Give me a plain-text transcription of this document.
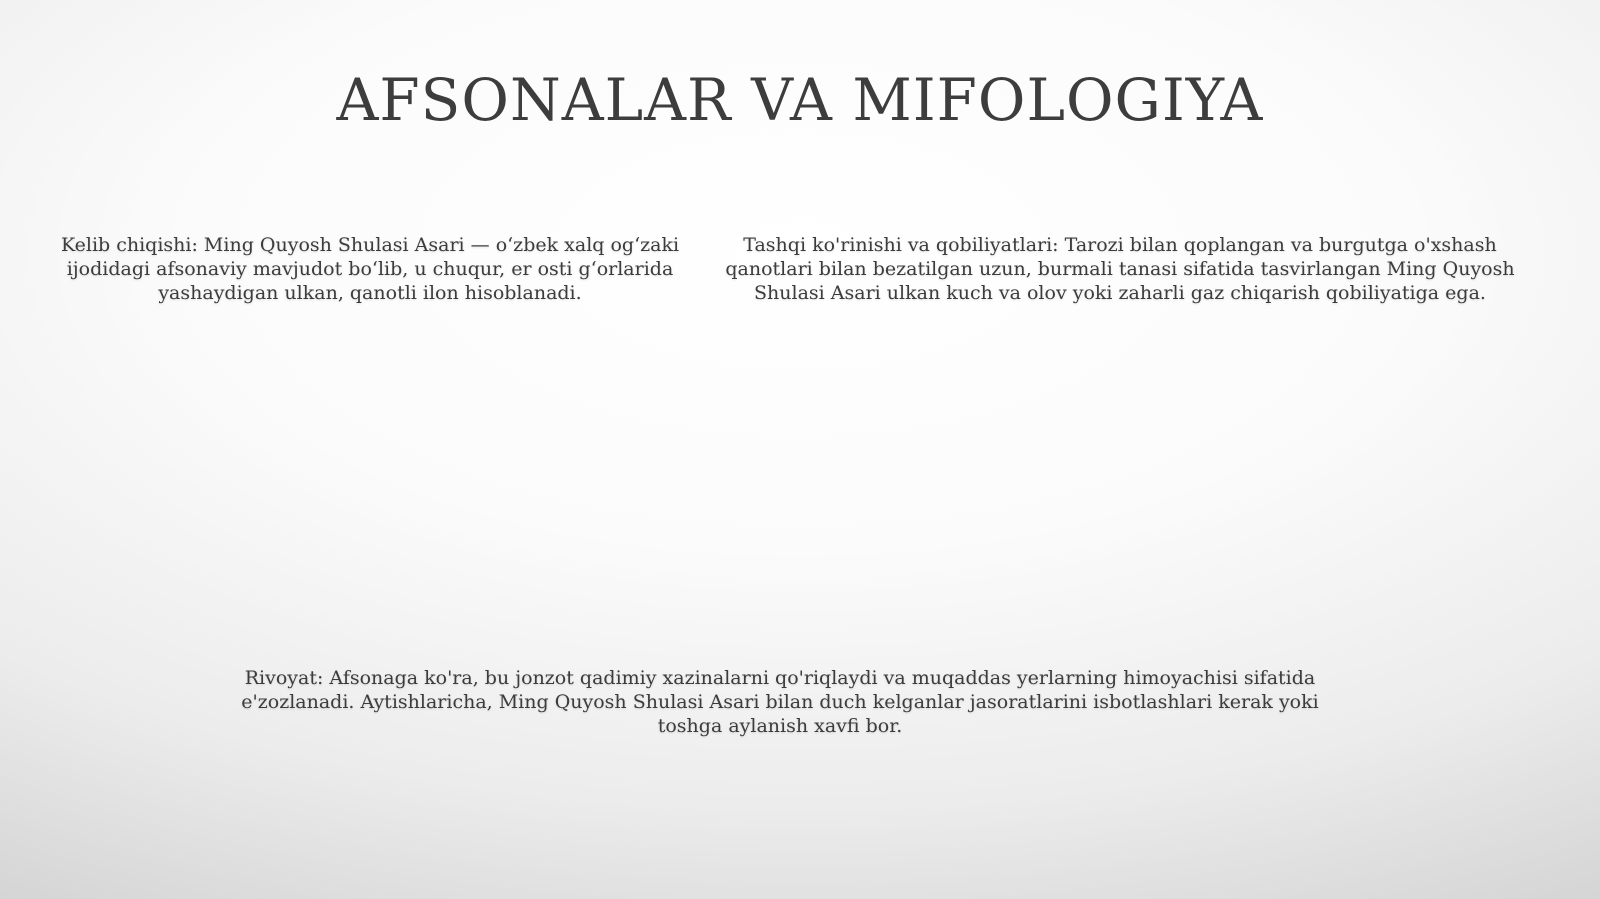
AFSONALAR VA MIFOLOGIYA

Kelib chiqishi: Ming Quyosh Shulasi Asari — o‘zbek xalq og‘zaki ijodidagi afsonaviy mavjudot bo‘lib, u chuqur, er osti g‘orlarida yashaydigan ulkan, qanotli ilon hisoblanadi.

Tashqi ko'rinishi va qobiliyatlari: Tarozi bilan qoplangan va burgutga o'xshash qanotlari bilan bezatilgan uzun, burmali tanasi sifatida tasvirlangan Ming Quyosh Shulasi Asari ulkan kuch va olov yoki zaharli gaz chiqarish qobiliyatiga ega.

Rivoyat: Afsonaga ko'ra, bu jonzot qadimiy xazinalarni qo'riqlaydi va muqaddas yerlarning himoyachisi sifatida e'zozlanadi. Aytishlaricha, Ming Quyosh Shulasi Asari bilan duch kelganlar jasoratlarini isbotlashlari kerak yoki toshga aylanish xavfi bor.
